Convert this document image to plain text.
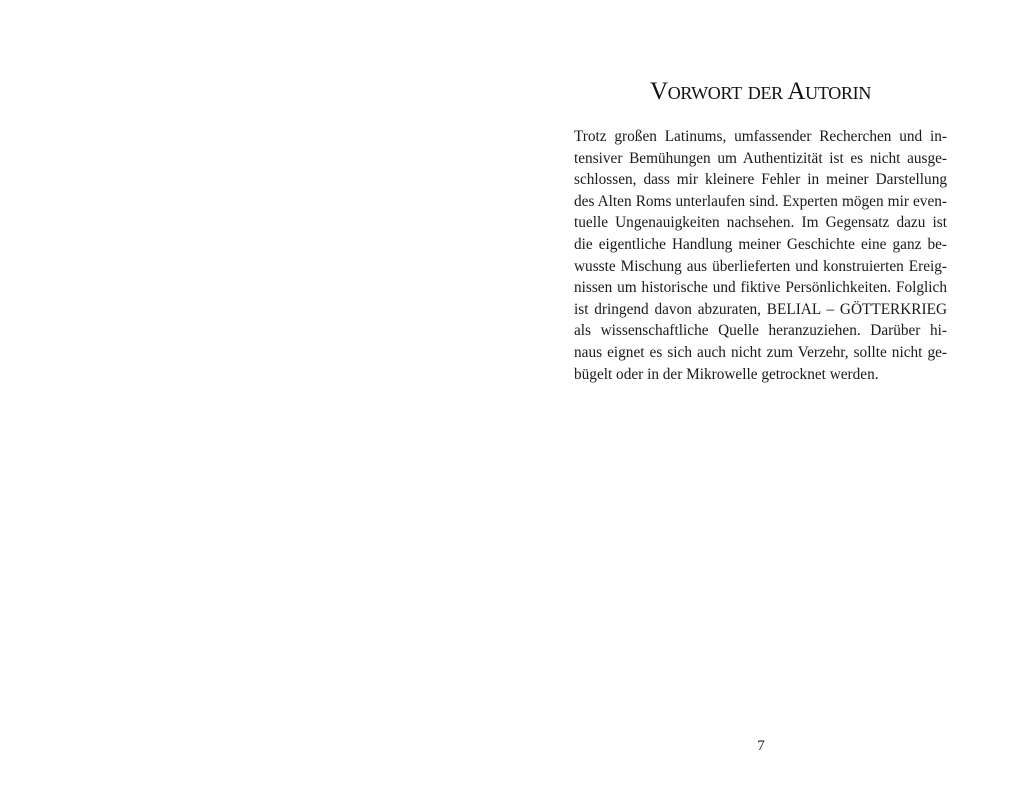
Vorwort der Autorin
Trotz großen Latinums, umfassender Recherchen und in-
tensiver Bemühungen um Authentizität ist es nicht ausge-
schlossen, dass mir kleinere Fehler in meiner Darstellung
des Alten Roms unterlaufen sind. Experten mögen mir even-
tuelle Ungenauigkeiten nachsehen. Im Gegensatz dazu ist
die eigentliche Handlung meiner Geschichte eine ganz be-
wusste Mischung aus überlieferten und konstruierten Ereig-
nissen um historische und fiktive Persönlichkeiten. Folglich
ist dringend davon abzuraten, BELIAL – GÖTTERKRIEG
als wissenschaftliche Quelle heranzuziehen. Darüber hi-
naus eignet es sich auch nicht zum Verzehr, sollte nicht ge-
bügelt oder in der Mikrowelle getrocknet werden.
7
